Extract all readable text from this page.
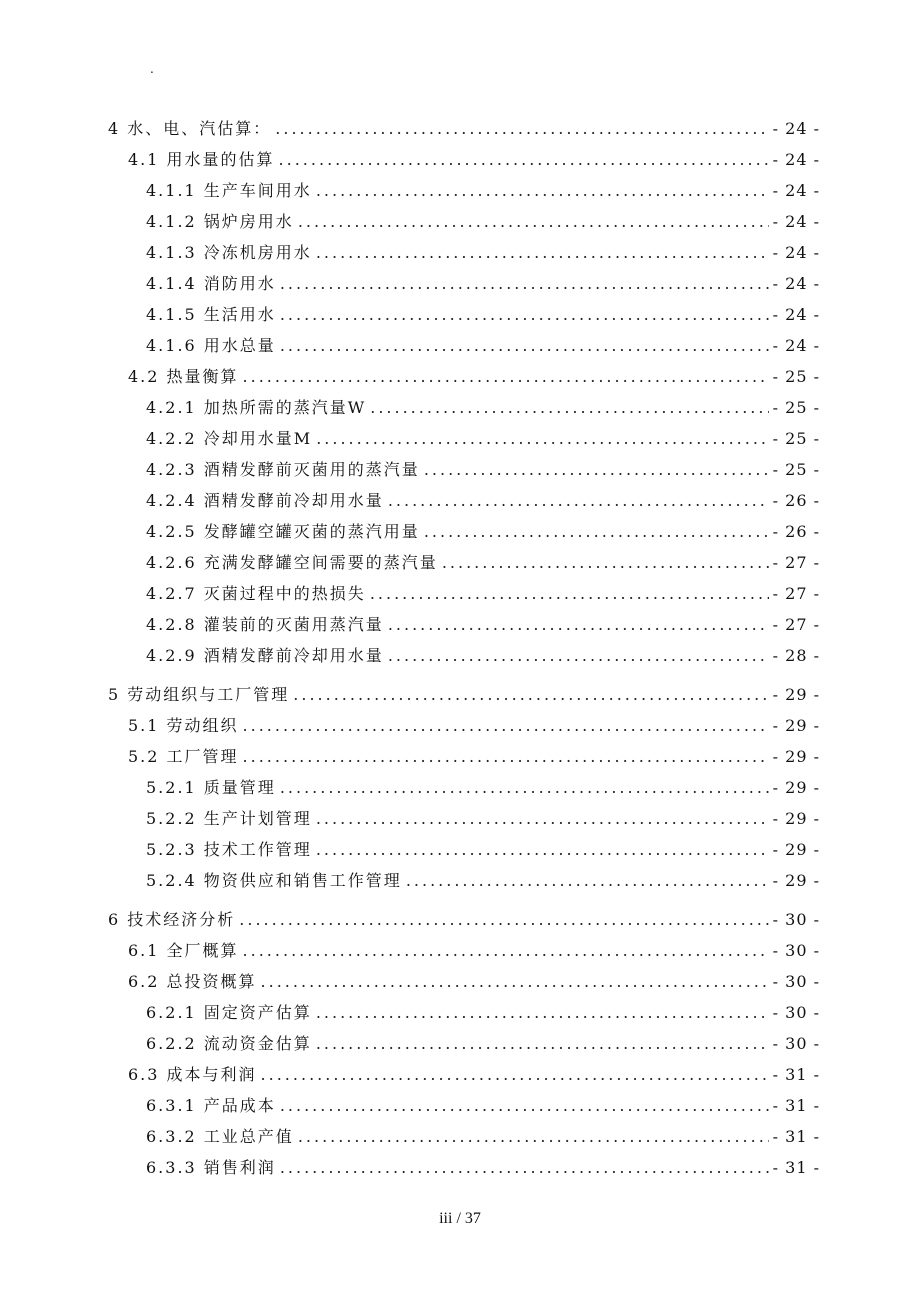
.
4 水、电、汽估算： .....	- 24 -
4.1 用水量的估算 .....	- 24 -
4.1.1 生产车间用水 .....	- 24 -
4.1.2 锅炉房用水 .....	- 24 -
4.1.3 冷冻机房用水 .....	- 24 -
4.1.4 消防用水 .....	- 24 -
4.1.5 生活用水 .....	- 24 -
4.1.6 用水总量 .....	- 24 -
4.2 热量衡算 .....	- 25 -
4.2.1 加热所需的蒸汽量W .....	- 25 -
4.2.2 冷却用水量M .....	- 25 -
4.2.3 酒精发酵前灭菌用的蒸汽量 .....	- 25 -
4.2.4 酒精发酵前冷却用水量 .....	- 26 -
4.2.5 发酵罐空罐灭菌的蒸汽用量 .....	- 26 -
4.2.6 充满发酵罐空间需要的蒸汽量 .....	- 27 -
4.2.7 灭菌过程中的热损失 .....	- 27 -
4.2.8 灌装前的灭菌用蒸汽量 .....	- 27 -
4.2.9 酒精发酵前冷却用水量 .....	- 28 -
5 劳动组织与工厂管理 .....	- 29 -
5.1 劳动组织 .....	- 29 -
5.2 工厂管理 .....	- 29 -
5.2.1 质量管理 .....	- 29 -
5.2.2 生产计划管理 .....	- 29 -
5.2.3 技术工作管理 .....	- 29 -
5.2.4 物资供应和销售工作管理 .....	- 29 -
6 技术经济分析 .....	- 30 -
6.1 全厂概算 .....	- 30 -
6.2 总投资概算 .....	- 30 -
6.2.1 固定资产估算 .....	- 30 -
6.2.2 流动资金估算 .....	- 30 -
6.3 成本与利润 .....	- 31 -
6.3.1 产品成本 .....	- 31 -
6.3.2 工业总产值 .....	- 31 -
6.3.3 销售利润 .....	- 31 -
iii / 37
